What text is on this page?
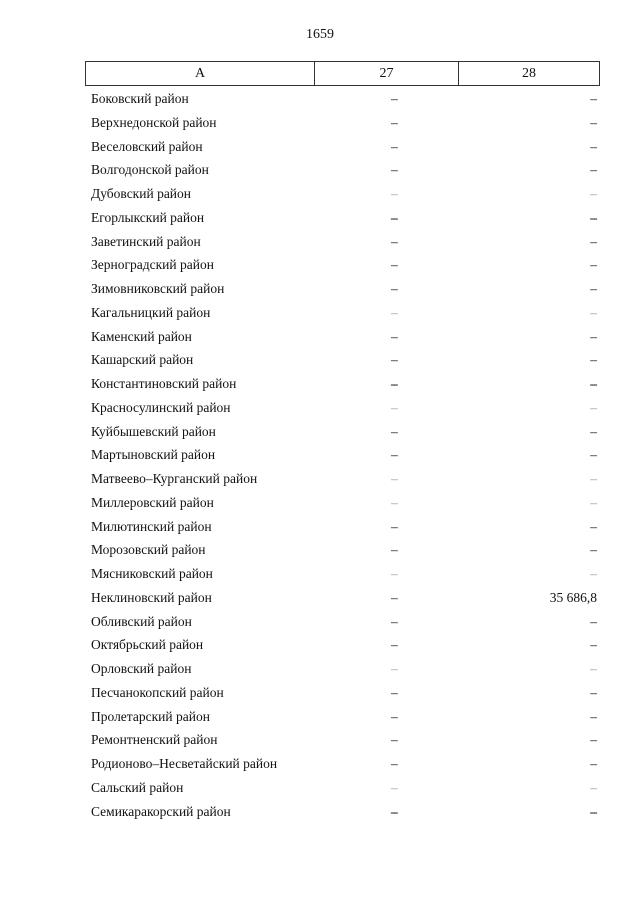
1659
А	27	28
Боковский район	–	–
Верхнедонской район	–	–
Веселовский район	–	–
Волгодонской район	–	–
Дубовский район	–	–
Егорлыкский район	–	–
Заветинский район	–	–
Зерноградский район	–	–
Зимовниковский район	–	–
Кагальницкий район	–	–
Каменский район	–	–
Кашарский район	–	–
Константиновский район	–	–
Красносулинский район	–	–
Куйбышевский район	–	–
Мартыновский район	–	–
Матвеево–Курганский район	–	–
Миллеровский район	–	–
Милютинский район	–	–
Морозовский район	–	–
Мясниковский район	–	–
Неклиновский район	–	35 686,8
Обливский район	–	–
Октябрьский район	–	–
Орловский район	–	–
Песчанокопский район	–	–
Пролетарский район	–	–
Ремонтненский район	–	–
Родионово–Несветайский район	–	–
Сальский район	–	–
Семикаракорский район	–	–
